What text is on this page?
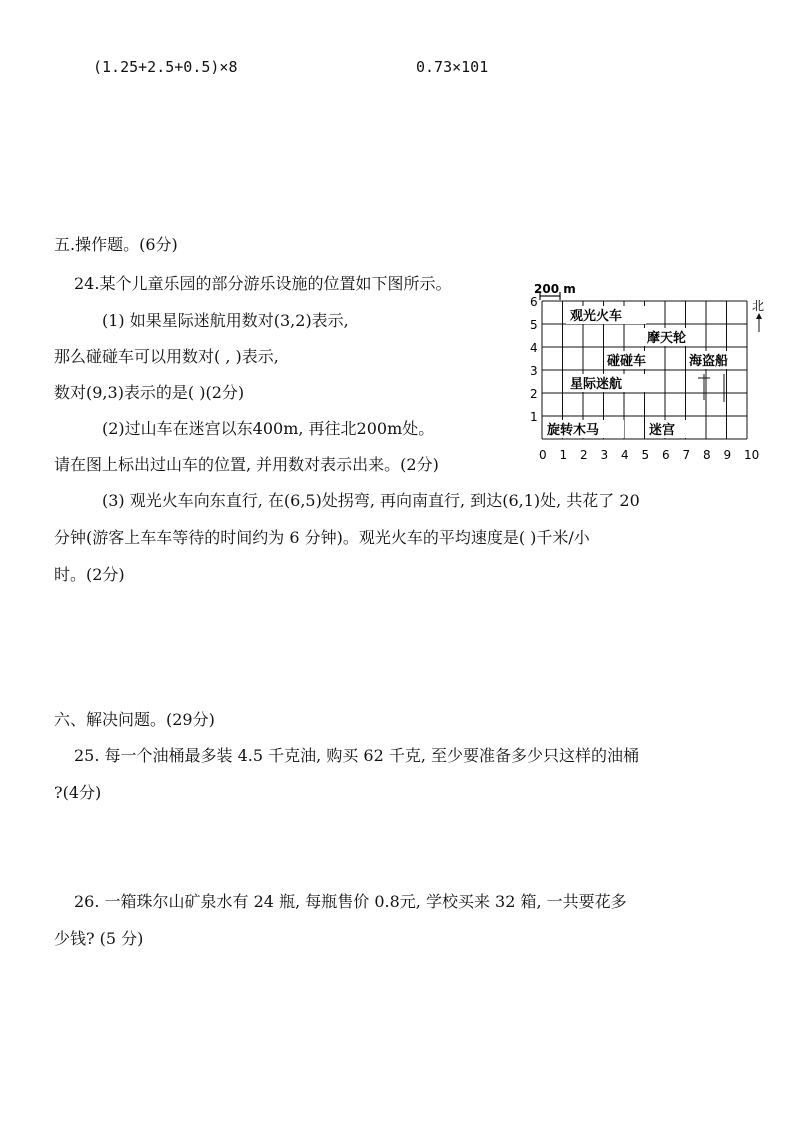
(1.25+2.5+0.5)×8	0.73×101
五.操作题。(6分)
24.某个儿童乐园的部分游乐设施的位置如下图所示。
(1) 如果星际迷航用数对(3,2)表示,
那么碰碰车可以用数对( , )表示,
数对(9,3)表示的是( )(2分)
(2)过山车在迷宫以东400m, 再往北200m处。
请在图上标出过山车的位置, 并用数对表示出来。(2分)
(3) 观光火车向东直行, 在(6,5)处拐弯, 再向南直行, 到达(6,1)处, 共花了 20
分钟(游客上车车等待的时间约为 6 分钟)。观光火车的平均速度是( )千米/小
时。(2分)
200 m
0 1 2 3 4 5 6 7 8 9 10
1
2
3
4
5
6	北
观光火车
摩天轮
碰碰车	海盗船
星际迷航
旋转木马	迷宫
六、解决问题。(29分)
25. 每一个油桶最多装 4.5 千克油, 购买 62 千克, 至少要准备多少只这样的油桶
?(4分)
26. 一箱珠尔山矿泉水有 24 瓶, 每瓶售价 0.8元, 学校买来 32 箱, 一共要花多
少钱? (5 分)
